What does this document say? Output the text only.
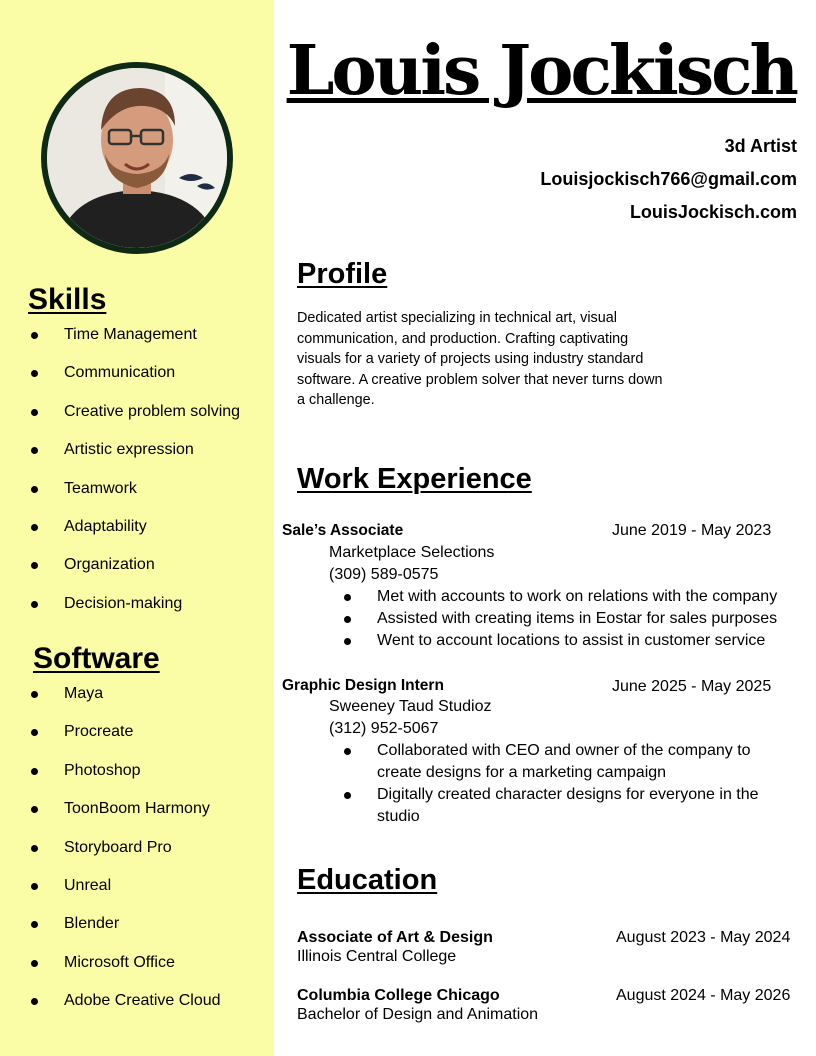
Skills
Time Management
Communication
Creative problem solving
Artistic expression
Teamwork
Adaptability
Organization
Decision-making
Software
Maya
Procreate
Photoshop
ToonBoom Harmony
Storyboard Pro
Unreal
Blender
Microsoft Office
Adobe Creative Cloud
Louis Jockisch
3d Artist
Louisjockisch766@gmail.com
LouisJockisch.com
Profile
Dedicated artist specializing in technical art, visual
communication, and production. Crafting captivating
visuals for a variety of projects using industry standard
software. A creative problem solver that never turns down
a challenge.
Work Experience
Sale’s Associate	June 2019 - May 2023
Marketplace Selections
(309) 589-0575
Met with accounts to work on relations with the company
Assisted with creating items in Eostar for sales purposes
Went to account locations to assist in customer service
Graphic Design Intern	June 2025 - May 2025
Sweeney Taud Studioz
(312) 952-5067
Collaborated with CEO and owner of the company to create designs for a marketing campaign
Digitally created character designs for everyone in the studio
Education
Associate of Art & Design	August 2023 - May 2024
Illinois Central College
Columbia College Chicago	August 2024 - May 2026
Bachelor of Design and Animation
